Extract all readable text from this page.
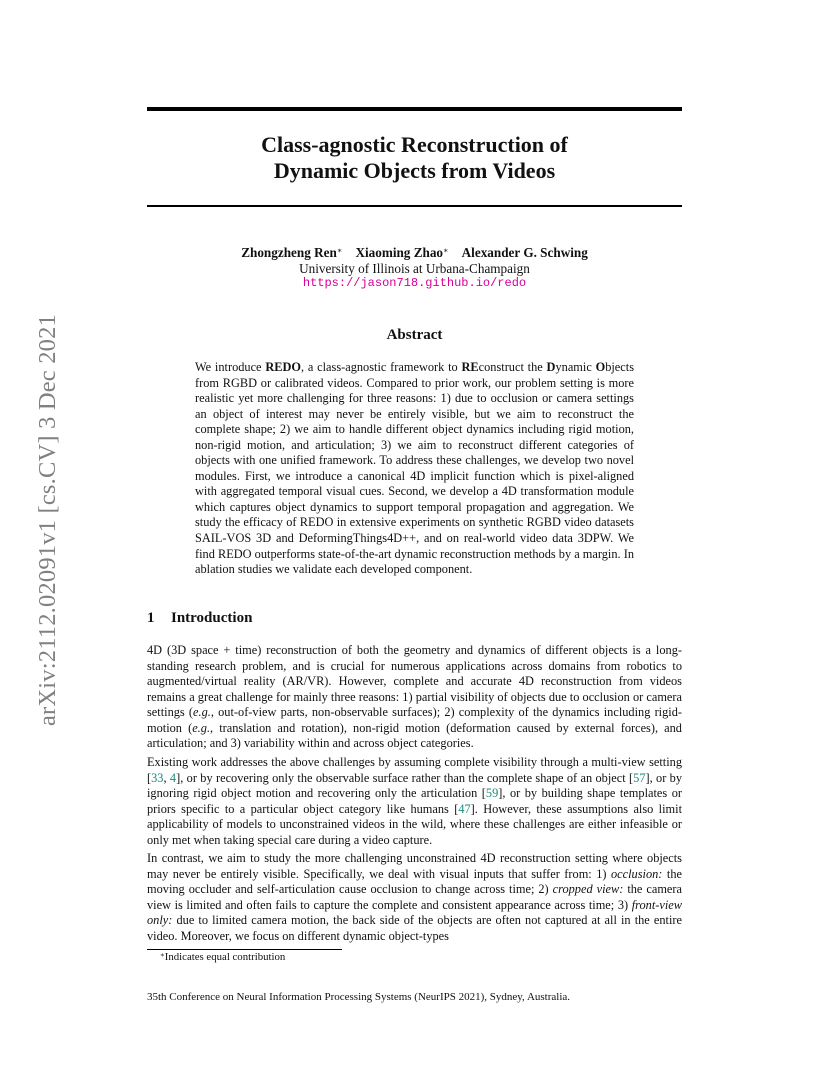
arXiv:2112.02091v1 [cs.CV] 3 Dec 2021
Class-agnostic Reconstruction of
Dynamic Objects from Videos
Zhongzheng Ren∗ Xiaoming Zhao∗ Alexander G. Schwing
University of Illinois at Urbana-Champaign
https://jason718.github.io/redo
Abstract
We introduce REDO, a class-agnostic framework to REconstruct the Dynamic Objects from RGBD or calibrated videos. Compared to prior work, our problem setting is more realistic yet more challenging for three reasons: 1) due to occlusion or camera settings an object of interest may never be entirely visible, but we aim to reconstruct the complete shape; 2) we aim to handle different object dynamics including rigid motion, non-rigid motion, and articulation; 3) we aim to reconstruct different categories of objects with one unified framework. To address these challenges, we develop two novel modules. First, we introduce a canonical 4D implicit function which is pixel-aligned with aggregated temporal visual cues. Second, we develop a 4D transformation module which captures object dynamics to support temporal propagation and aggregation. We study the efficacy of REDO in extensive experiments on synthetic RGBD video datasets SAIL-VOS 3D and DeformingThings4D++, and on real-world video data 3DPW. We find REDO outperforms state-of-the-art dynamic reconstruction methods by a margin. In ablation studies we validate each developed component.
1 Introduction
4D (3D space + time) reconstruction of both the geometry and dynamics of different objects is a long-standing research problem, and is crucial for numerous applications across domains from robotics to augmented/virtual reality (AR/VR). However, complete and accurate 4D reconstruction from videos remains a great challenge for mainly three reasons: 1) partial visibility of objects due to occlusion or camera settings (e.g., out-of-view parts, non-observable surfaces); 2) complexity of the dynamics including rigid-motion (e.g., translation and rotation), non-rigid motion (deformation caused by external forces), and articulation; and 3) variability within and across object categories.
Existing work addresses the above challenges by assuming complete visibility through a multi-view setting [33, 4], or by recovering only the observable surface rather than the complete shape of an object [57], or by ignoring rigid object motion and recovering only the articulation [59], or by building shape templates or priors specific to a particular object category like humans [47]. However, these assumptions also limit applicability of models to unconstrained videos in the wild, where these challenges are either infeasible or only met when taking special care during a video capture.
In contrast, we aim to study the more challenging unconstrained 4D reconstruction setting where objects may never be entirely visible. Specifically, we deal with visual inputs that suffer from: 1) occlusion: the moving occluder and self-articulation cause occlusion to change across time; 2) cropped view: the camera view is limited and often fails to capture the complete and consistent appearance across time; 3) front-view only: due to limited camera motion, the back side of the objects are often not captured at all in the entire video. Moreover, we focus on different dynamic object-types
∗Indicates equal contribution
35th Conference on Neural Information Processing Systems (NeurIPS 2021), Sydney, Australia.
